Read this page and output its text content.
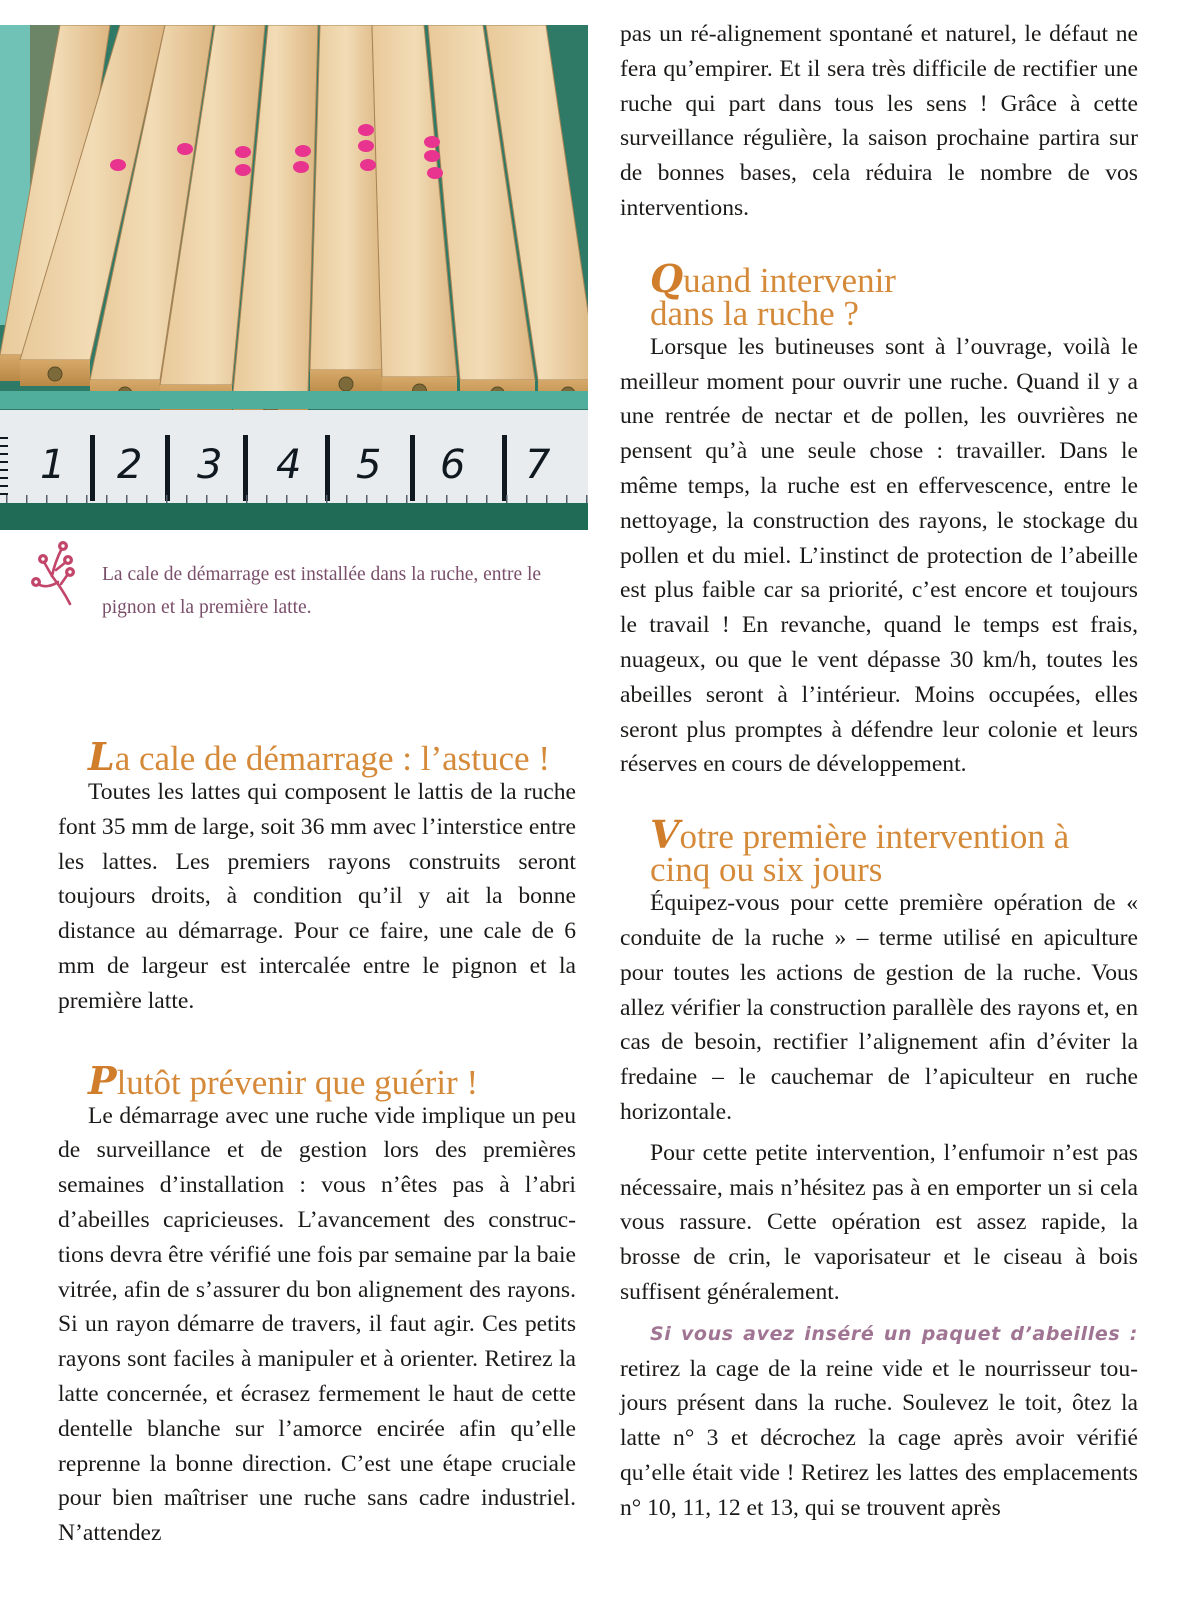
1 2 3 4 5 6 7
La cale de démarrage est installée dans la ruche, entre le pignon et la première latte.
La cale de démarrage : l’astuce !

Toutes les lattes qui composent le lattis de la ruche font 35 mm de large, soit 36 mm avec l’interstice entre les lattes. Les premiers rayons construits seront toujours droits, à condition qu’il y ait la bonne distance au démarrage. Pour ce faire, une cale de 6 mm de largeur est intercalée entre le pignon et la première latte.

Plutôt prévenir que guérir !

Le démarrage avec une ruche vide implique un peu de surveillance et de gestion lors des premières semaines d’installation : vous n’êtes pas à l’abri d’abeilles capricieuses. L’avancement des constructions devra être vérifié une fois par semaine par la baie vitrée, afin de s’assurer du bon alignement des rayons. Si un rayon démarre de travers, il faut agir. Ces petits rayons sont faciles à manipuler et à orienter. Retirez la latte concernée, et écrasez fermement le haut de cette dentelle blanche sur l’amorce encirée afin qu’elle reprenne la bonne direction. C’est une étape cruciale pour bien maîtriser une ruche sans cadre industriel. N’attendez

pas un ré-alignement spontané et naturel, le défaut ne fera qu’empirer. Et il sera très difficile de rectifier une ruche qui part dans tous les sens ! Grâce à cette surveillance régulière, la saison prochaine partira sur de bonnes bases, cela réduira le nombre de vos interventions.

Quand intervenir
dans la ruche ?

Lorsque les butineuses sont à l’ouvrage, voilà le meilleur moment pour ouvrir une ruche. Quand il y a une rentrée de nectar et de pollen, les ouvrières ne pensent qu’à une seule chose : travailler. Dans le même temps, la ruche est en effervescence, entre le nettoyage, la construction des rayons, le stockage du pollen et du miel. L’instinct de protection de l’abeille est plus faible car sa priorité, c’est encore et toujours le travail ! En revanche, quand le temps est frais, nuageux, ou que le vent dépasse 30 km/h, toutes les abeilles seront à l’intérieur. Moins occupées, elles seront plus promptes à défendre leur colonie et leurs réserves en cours de développement.

Votre première intervention à
cinq ou six jours

Équipez-vous pour cette première opération de « conduite de la ruche » – terme utilisé en apiculture pour toutes les actions de gestion de la ruche. Vous allez vérifier la construction parallèle des rayons et, en cas de besoin, rectifier l’alignement afin d’éviter la fredaine – le cauchemar de l’apiculteur en ruche horizontale.

Pour cette petite intervention, l’enfumoir n’est pas nécessaire, mais n’hésitez pas à en emporter un si cela vous rassure. Cette opération est assez rapide, la brosse de crin, le vaporisateur et le ciseau à bois suffisent généralement.

Si vous avez inséré un paquet d’abeilles : retirez la cage de la reine vide et le nourrisseur toujours présent dans la ruche. Soulevez le toit, ôtez la latte n° 3 et décrochez la cage après avoir vérifié qu’elle était vide ! Retirez les lattes des emplacements n° 10, 11, 12 et 13, qui se trouvent après
